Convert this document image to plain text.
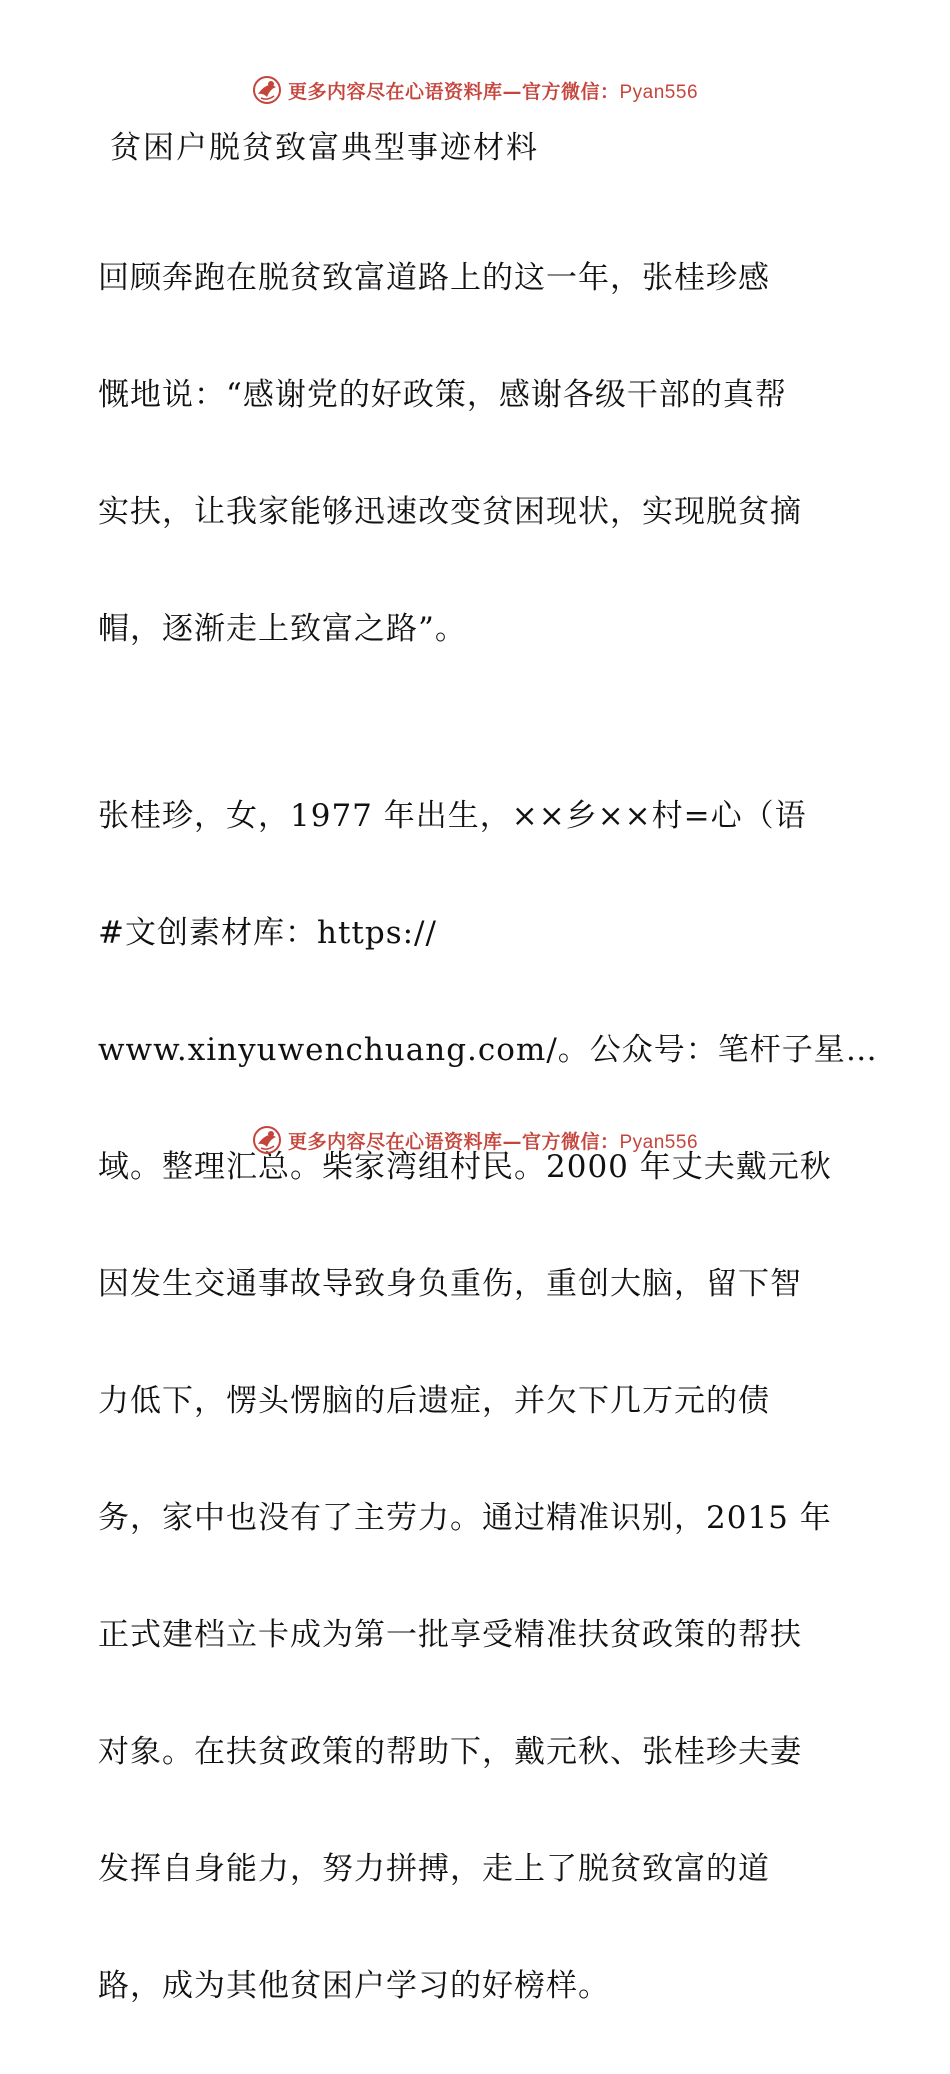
更多内容尽在心语资料库—官方微信：Pyan556
贫困户脱贫致富典型事迹材料

回顾奔跑在脱贫致富道路上的这一年，张桂珍感

慨地说：“感谢党的好政策，感谢各级干部的真帮

实扶，让我家能够迅速改变贫困现状，实现脱贫摘

帽，逐渐走上致富之路”。

张桂珍，女，1977 年出生，××乡××村=心（语

#文创素材库：https://

www.xinyuwenchuang.com/。公众号：笔杆子星…

域。整理汇总。柴家湾组村民。2000 年丈夫戴元秋

因发生交通事故导致身负重伤，重创大脑，留下智

力低下，愣头愣脑的后遗症，并欠下几万元的债

务，家中也没有了主劳力。通过精准识别，2015 年

正式建档立卡成为第一批享受精准扶贫政策的帮扶

对象。在扶贫政策的帮助下，戴元秋、张桂珍夫妻

发挥自身能力，努力拼搏，走上了脱贫致富的道

路，成为其他贫困户学习的好榜样。

更多内容尽在心语资料库—官方微信：Pyan556
